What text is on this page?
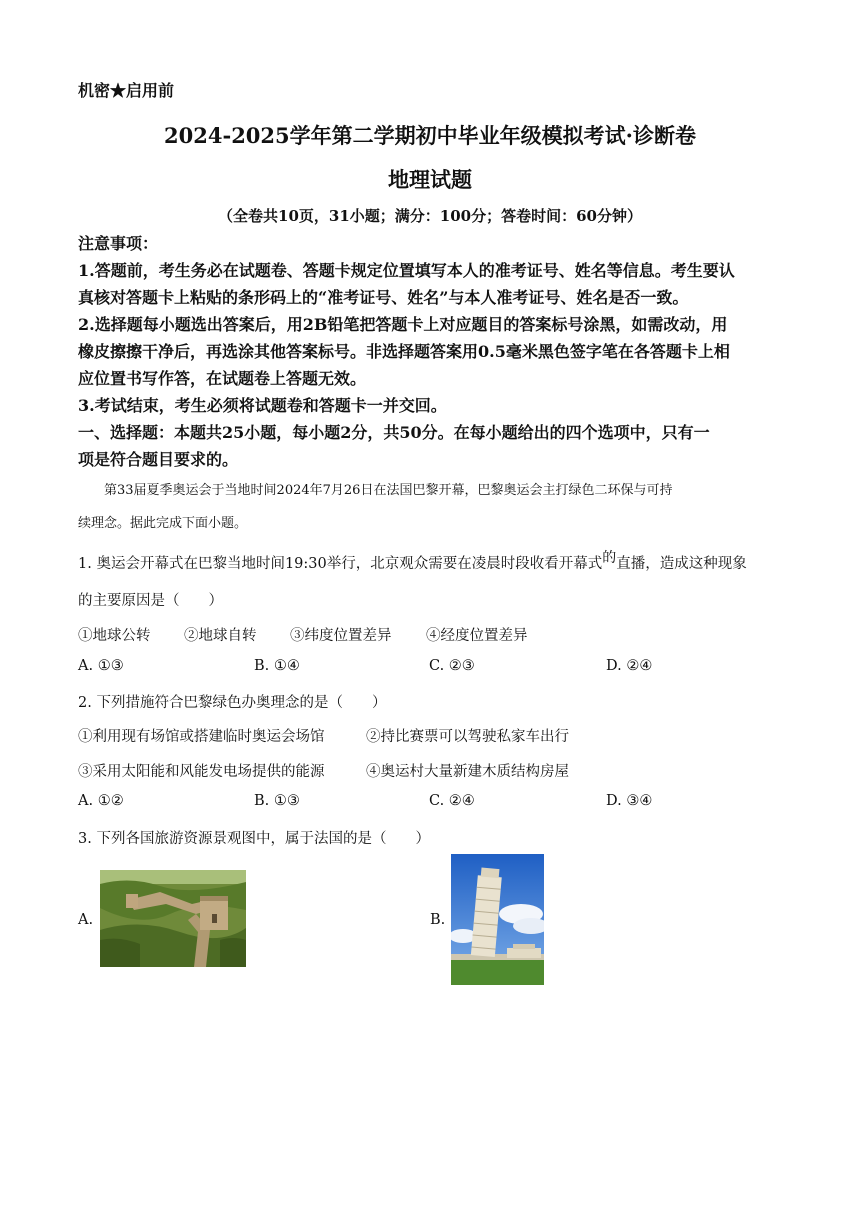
机密★启用前
2024-2025学年第二学期初中毕业年级模拟考试·诊断卷
地理试题
（全卷共10页，31小题；满分：100分；答卷时间：60分钟）
注意事项：
1.答题前，考生务必在试题卷、答题卡规定位置填写本人的准考证号、姓名等信息。考生要认
真核对答题卡上粘贴的条形码上的“准考证号、姓名”与本人准考证号、姓名是否一致。
2.选择题每小题选出答案后，用2B铅笔把答题卡上对应题目的答案标号涂黑，如需改动，用
橡皮擦擦干净后，再选涂其他答案标号。非选择题答案用0.5毫米黑色签字笔在各答题卡上相
应位置书写作答，在试题卷上答题无效。
3.考试结束，考生必须将试题卷和答题卡一并交回。
一、选择题：本题共25小题，每小题2分，共50分。在每小题给出的四个选项中，只有一
项是符合题目要求的。
第33届夏季奥运会于当地时间2024年7月26日在法国巴黎开幕，巴黎奥运会主打绿色二环保与可持
续理念。据此完成下面小题。
1. 奥运会开幕式在巴黎当地时间19:30举行，北京观众需要在凌晨时段收看开幕式的直播，造成这种现象
的主要原因是（　　）
①地球公转 ②地球自转 ③纬度位置差异 ④经度位置差异
A. ①③	B. ①④	C. ②③	D. ②④
2. 下列措施符合巴黎绿色办奥理念的是（　　）
①利用现有场馆或搭建临时奥运会场馆	②持比赛票可以驾驶私家车出行
③采用太阳能和风能发电场提供的能源	④奥运村大量新建木质结构房屋
A. ①②	B. ①③	C. ②④	D. ③④
3. 下列各国旅游资源景观图中，属于法国的是（　　）
A.	B.
